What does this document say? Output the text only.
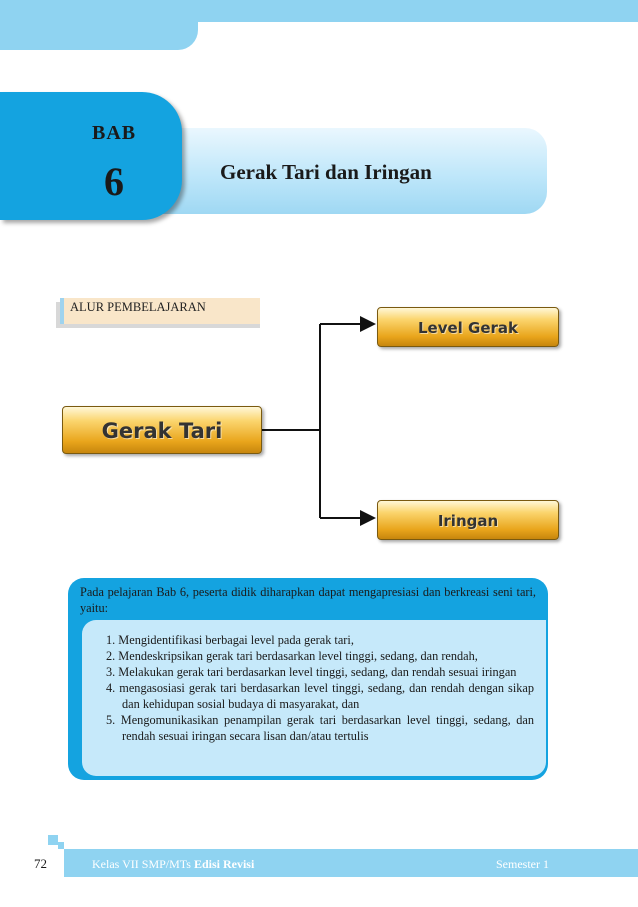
BAB
6	Gerak Tari dan Iringan
ALUR PEMBELAJARAN
Gerak Tari
Level Gerak
Iringan
Pada pelajaran Bab 6, peserta didik diharapkan dapat mengapresiasi dan berkreasi seni tari, yaitu:
1. Mengidentifikasi berbagai level pada gerak tari,
2. Mendeskripsikan gerak tari berdasarkan level tinggi, sedang, dan rendah,
3. Melakukan gerak tari berdasarkan level tinggi, sedang, dan rendah sesuai iringan
4. mengasosiasi gerak tari berdasarkan level tinggi, sedang, dan rendah dengan sikap dan kehidupan sosial budaya di masyarakat, dan
5. Mengomunikasikan penampilan gerak tari berdasarkan level tinggi, sedang, dan rendah sesuai iringan secara lisan dan/atau tertulis
72	Kelas VII SMP/MTs Edisi Revisi	Semester 1
